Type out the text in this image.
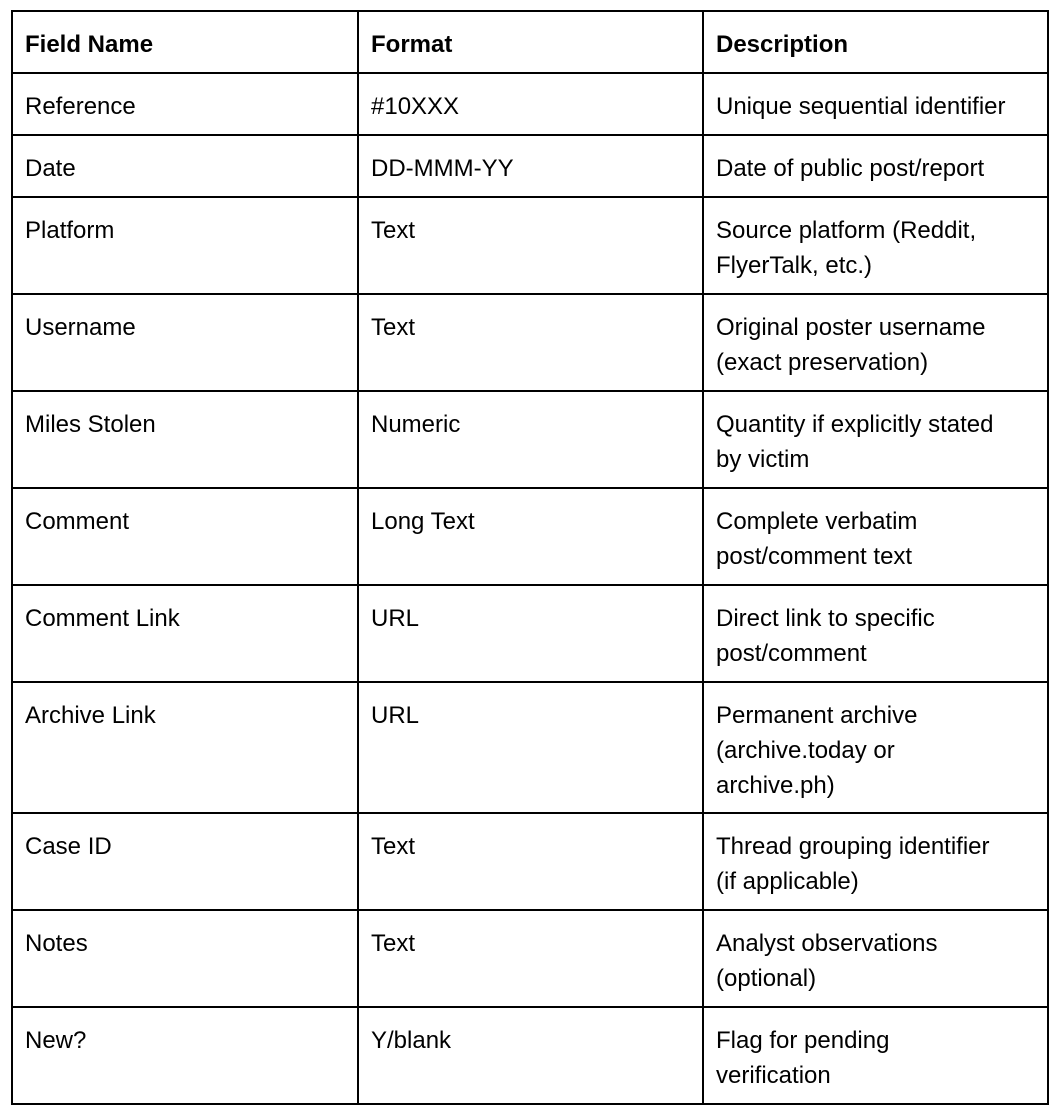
Field Name	Format	Description
Reference	#10XXX	Unique sequential identifier

Date	DD-MMM-YY	Date of public post/report

Platform	Text	Source platform (Reddit,
FlyerTalk, etc.)

Username	Text	Original poster username
(exact preservation)

Miles Stolen	Numeric	Quantity if explicitly stated
by victim

Comment	Long Text	Complete verbatim
post/comment text

Comment Link	URL	Direct link to specific
post/comment

Archive Link	URL	Permanent archive
(archive.today or
archive.ph)

Case ID	Text	Thread grouping identifier
(if applicable)

Notes	Text	Analyst observations
(optional)

New?	Y/blank	Flag for pending
verification
